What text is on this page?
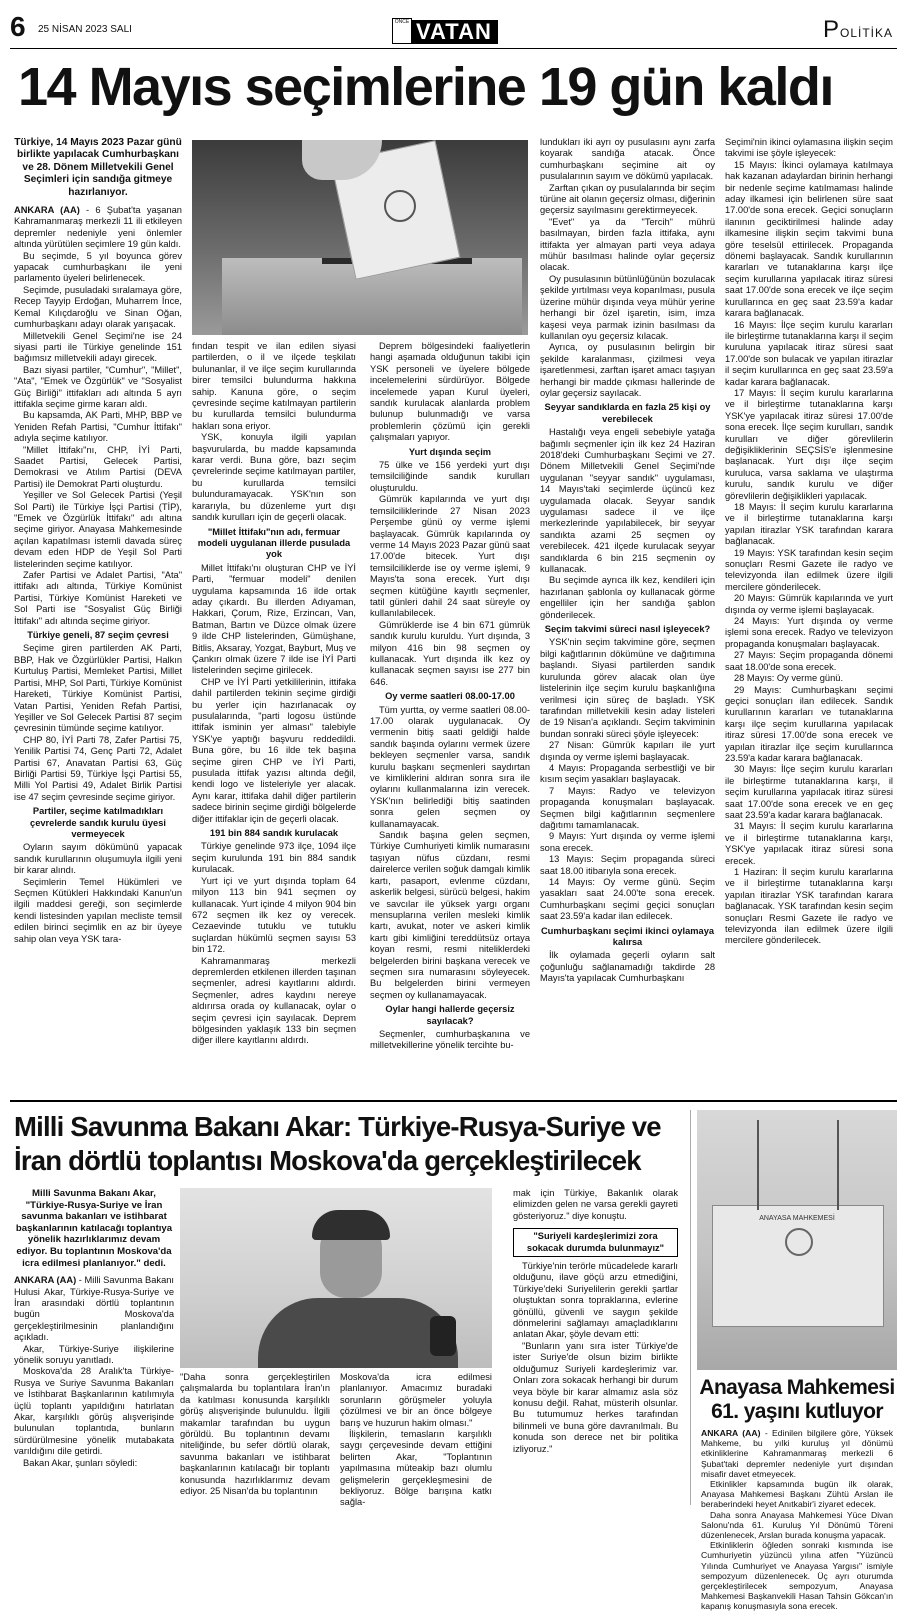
6 25 NİSAN 2023 SALI
ÖNCE VATAN	POLİTİKA
14 Mayıs seçimlerine 19 gün kaldı

Türkiye, 14 Mayıs 2023 Pazar günü birlikte yapılacak Cumhurbaşkanı ve 28. Dönem Milletvekili Genel Seçimleri için sandığa gitmeye hazırlanıyor.

ANKARA (AA) - 6 Şubat'ta yaşanan Kahramanmaraş merkezli 11 ili etkileyen depremler nedeniyle yeni önlemler altında yürütülen seçimlere 19 gün kaldı.

Bu seçimde, 5 yıl boyunca görev yapacak cumhurbaşkanı ile yeni parlamento üyeleri belirlenecek.

Seçimde, pusuladaki sıralamaya göre, Recep Tayyip Erdoğan, Muharrem İnce, Kemal Kılıçdaroğlu ve Sinan Oğan, cumhurbaşkanı adayı olarak yarışacak.

Milletvekili Genel Seçimi'ne ise 24 siyasi parti ile Türkiye genelinde 151 bağımsız milletvekili adayı girecek.

Bazı siyasi partiler, "Cumhur", "Millet", "Ata", "Emek ve Özgürlük" ve "Sosyalist Güç Birliği" ittifakları adı altında 5 ayrı ittifakla seçime girme kararı aldı.

Bu kapsamda, AK Parti, MHP, BBP ve Yeniden Refah Partisi, "Cumhur İttifakı" adıyla seçime katılıyor.

"Millet İttifakı"nı, CHP, İYİ Parti, Saadet Partisi, Gelecek Partisi, Demokrasi ve Atılım Partisi (DEVA Partisi) ile Demokrat Parti oluşturdu.

Yeşiller ve Sol Gelecek Partisi (Yeşil Sol Parti) ile Türkiye İşçi Partisi (TİP), "Emek ve Özgürlük İttifakı" adı altına seçime giriyor. Anayasa Mahkemesinde açılan kapatılması istemli davada süreç devam eden HDP de Yeşil Sol Parti listelerinden seçime katılıyor.

Zafer Partisi ve Adalet Partisi, "Ata" ittifakı adı altında, Türkiye Komünist Partisi, Türkiye Komünist Hareketi ve Sol Parti ise "Sosyalist Güç Birliği İttifakı" adı altında seçime giriyor.

Türkiye geneli, 87 seçim çevresi

Seçime giren partilerden AK Parti, BBP, Hak ve Özgürlükler Partisi, Halkın Kurtuluş Partisi, Memleket Partisi, Millet Partisi, MHP, Sol Parti, Türkiye Komünist Hareketi, Türkiye Komünist Partisi, Vatan Partisi, Yeniden Refah Partisi, Yeşiller ve Sol Gelecek Partisi 87 seçim çevresinin tümünde seçime katılıyor.

CHP 80, İYİ Parti 78, Zafer Partisi 75, Yenilik Partisi 74, Genç Parti 72, Adalet Partisi 67, Anavatan Partisi 63, Güç Birliği Partisi 59, Türkiye İşçi Partisi 55, Milli Yol Partisi 49, Adalet Birlik Partisi ise 47 seçim çevresinde seçime giriyor.

Partiler, seçime katılmadıkları çevrelerde sandık kurulu üyesi vermeyecek

Oyların sayım dökümünü yapacak sandık kurullarının oluşumuyla ilgili yeni bir karar alındı.

Seçimlerin Temel Hükümleri ve Seçmen Kütükleri Hakkındaki Kanun'un ilgili maddesi gereği, son seçimlerde kendi listesinden yapılan mecliste temsil edilen birinci seçimlik en az bir üyeye sahip olan veya YSK tara-

fından tespit ve ilan edilen siyasi partilerden, o il ve ilçede teşkilatı bulunanlar, il ve ilçe seçim kurullarında birer temsilci bulundurma hakkına sahip. Kanuna göre, o seçim çevresinde seçime katılmayan partilerin bu kurullarda temsilci bulundurma hakları sona eriyor.

YSK, konuyla ilgili yapılan başvurularda, bu madde kapsamında karar verdi. Buna göre, bazı seçim çevrelerinde seçime katılmayan partiler, bu kurullarda temsilci bulunduramayacak. YSK'nın son kararıyla, bu düzenleme yurt dışı sandık kurulları için de geçerli olacak.

"Millet İttifakı"nın adı, fermuar modeli uygulanan illerde pusulada yok

Millet İttifakı'nı oluşturan CHP ve İYİ Parti, "fermuar modeli" denilen uygulama kapsamında 16 ilde ortak aday çıkardı. Bu illerden Adıyaman, Hakkari, Çorum, Rize, Erzincan, Van, Batman, Bartın ve Düzce olmak üzere 9 ilde CHP listelerinden, Gümüşhane, Bitlis, Aksaray, Yozgat, Bayburt, Muş ve Çankırı olmak üzere 7 ilde ise İYİ Parti listelerinden seçime girilecek.

CHP ve İYİ Parti yetkililerinin, ittifaka dahil partilerden tekinin seçime girdiği bu yerler için hazırlanacak oy pusulalarında, "parti logosu üstünde ittifak isminin yer alması" talebiyle YSK'ye yaptığı başvuru reddedildi. Buna göre, bu 16 ilde tek başına seçime giren CHP ve İYİ Parti, pusulada ittifak yazısı altında değil, kendi logo ve listeleriyle yer alacak. Aynı karar, ittifaka dahil diğer partilerin sadece birinin seçime girdiği bölgelerde diğer ittifaklar için de geçerli olacak.

191 bin 884 sandık kurulacak

Türkiye genelinde 973 ilçe, 1094 ilçe seçim kurulunda 191 bin 884 sandık kurulacak.

Yurt içi ve yurt dışında toplam 64 milyon 113 bin 941 seçmen oy kullanacak. Yurt içinde 4 milyon 904 bin 672 seçmen ilk kez oy verecek. Cezaevinde tutuklu ve tutuklu suçlardan hükümlü seçmen sayısı 53 bin 172.

Kahramanmaraş merkezli depremlerden etkilenen illerden taşınan seçmenler, adresi kayıtlarını aldırdı. Seçmenler, adres kaydını nereye aldırırsa orada oy kullanacak, oylar o seçim çevresi için sayılacak. Deprem bölgesinden yaklaşık 133 bin seçmen diğer illere kayıtlarını aldırdı.

Deprem bölgesindeki faaliyetlerin hangi aşamada olduğunun takibi için YSK personeli ve üyelere bölgede incelemelerini sürdürüyor. Bölgede incelemede yapan Kurul üyeleri, sandık kurulacak alanlarda problem bulunup bulunmadığı ve varsa problemlerin çözümü için gerekli çalışmaları yapıyor.

Yurt dışında seçim

75 ülke ve 156 yerdeki yurt dışı temsilciliğinde sandık kurulları oluşturuldu.

Gümrük kapılarında ve yurt dışı temsilciliklerinde 27 Nisan 2023 Perşembe günü oy verme işlemi başlayacak. Gümrük kapılarında oy verme 14 Mayıs 2023 Pazar günü saat 17.00'de bitecek. Yurt dışı temsilciliklerde ise oy verme işlemi, 9 Mayıs'ta sona erecek. Yurt dışı seçmen kütüğüne kayıtlı seçmenler, tatil günleri dahil 24 saat süreyle oy kullanılabilecek.

Gümrüklerde ise 4 bin 671 gümrük sandık kurulu kuruldu. Yurt dışında, 3 milyon 416 bin 98 seçmen oy kullanacak. Yurt dışında ilk kez oy kullanacak seçmen sayısı ise 277 bin 646.

Oy verme saatleri 08.00-17.00

Tüm yurtta, oy verme saatleri 08.00-17.00 olarak uygulanacak. Oy vermenin bitiş saati geldiği halde sandık başında oylarını vermek üzere bekleyen seçmenler varsa, sandık kurulu başkanı seçmenleri saydırtan ve kimliklerini aldıran sonra sıra ile oylarını kullanmalarına izin verecek. YSK'nın belirlediği bitiş saatinden sonra gelen seçmen oy kullanamayacak.

Sandık başına gelen seçmen, Türkiye Cumhuriyeti kimlik numarasını taşıyan nüfus cüzdanı, resmi dairelerce verilen soğuk damgalı kimlik kartı, pasaport, evlenme cüzdanı, askerlik belgesi, sürücü belgesi, hakim ve savcılar ile yüksek yargı organı mensuplarına verilen mesleki kimlik kartı, avukat, noter ve askeri kimlik kartı gibi kimliğini tereddütsüz ortaya koyan resmi, resmi niteliklerdeki belgelerden birini başkana verecek ve seçmen sıra numarasını söyleyecek. Bu belgelerden birini vermeyen seçmen oy kullanamayacak.

Oylar hangi hallerde geçersiz sayılacak?

Seçmenler, cumhurbaşkanına ve milletvekillerine yönelik tercihte bu-

lundukları iki ayrı oy pusulasını aynı zarfa koyarak sandığa atacak. Önce cumhurbaşkanı seçimine ait oy pusulalarının sayım ve dökümü yapılacak.

Zarftan çıkan oy pusulalarında bir seçim türüne ait olanın geçersiz olması, diğerinin geçersiz sayılmasını gerektirmeyecek.

"Evet" ya da "Tercih" mührü basılmayan, birden fazla ittifaka, aynı ittifakta yer almayan parti veya adaya mühür basılması halinde oylar geçersiz olacak.

Oy pusulasının bütünlüğünün bozulacak şekilde yırtılması veya koparılması, pusula üzerine mühür dışında veya mühür yerine herhangi bir özel işaretin, isim, imza kaşesi veya parmak izinin basılması da kullanılan oyu geçersiz kılacak.

Ayrıca, oy pusulasının belirgin bir şekilde karalanması, çizilmesi veya işaretlenmesi, zarftan işaret amacı taşıyan herhangi bir madde çıkması hallerinde de oylar geçersiz sayılacak.

Seyyar sandıklarda en fazla 25 kişi oy verebilecek

Hastalığı veya engeli sebebiyle yatağa bağımlı seçmenler için ilk kez 24 Haziran 2018'deki Cumhurbaşkanı Seçimi ve 27. Dönem Milletvekili Genel Seçimi'nde uygulanan "seyyar sandık" uygulaması, 14 Mayıs'taki seçimlerde üçüncü kez uygulamada olacak. Seyyar sandık uygulaması sadece il ve ilçe merkezlerinde yapılabilecek, bir seyyar sandıkta azami 25 seçmen oy verebilecek. 421 ilçede kurulacak seyyar sandıklarda 6 bin 215 seçmenin oy kullanacak.

Bu seçimde ayrıca ilk kez, kendileri için hazırlanan şablonla oy kullanacak görme engelliler için her sandığa şablon gönderilecek.

Seçim takvimi süreci nasıl işleyecek?

YSK'nin seçim takvimine göre, seçmen bilgi kağıtlarının dökümüne ve dağıtımına başlandı. Siyasi partilerden sandık kurulunda görev alacak olan üye listelerinin ilçe seçim kurulu başkanlığına verilmesi için süreç de başladı. YSK tarafından milletvekili kesin aday listeleri de 19 Nisan'a açıklandı. Seçim takviminin bundan sonraki süreci şöyle işleyecek:

27 Nisan: Gümrük kapıları ile yurt dışında oy verme işlemi başlayacak.

4 Mayıs: Propaganda serbestliği ve bir kısım seçim yasakları başlayacak.

7 Mayıs: Radyo ve televizyon propaganda konuşmaları başlayacak. Seçmen bilgi kağıtlarının seçmenlere dağıtımı tamamlanacak.

9 Mayıs: Yurt dışında oy verme işlemi sona erecek.

13 Mayıs: Seçim propaganda süreci saat 18.00 itibarıyla sona erecek.

14 Mayıs: Oy verme günü. Seçim yasakları saat 24.00'te sona erecek. Cumhurbaşkanı seçimi geçici sonuçları saat 23.59'a kadar ilan edilecek.

Cumhurbaşkanı seçimi ikinci oylamaya kalırsa

İlk oylamada geçerli oyların salt çoğunluğu sağlanamadığı takdirde 28 Mayıs'ta yapılacak Cumhurbaşkanı

Seçimi'nin ikinci oylamasına ilişkin seçim takvimi ise şöyle işleyecek:

15 Mayıs: İkinci oylamaya katılmaya hak kazanan adaylardan birinin herhangi bir nedenle seçime katılmaması halinde aday ilkamesi için belirlenen süre saat 17.00'de sona erecek. Geçici sonuçların ilanının geciktirilmesi halinde aday ilkamesine ilişkin seçim takvimi buna göre teselsül ettirilecek. Propaganda dönemi başlayacak. Sandık kurullarının kararları ve tutanaklarına karşı ilçe seçim kurullarına yapılacak itiraz süresi saat 17.00'de sona erecek ve ilçe seçim kurullarınca en geç saat 23.59'a kadar karara bağlanacak.

16 Mayıs: İlçe seçim kurulu kararları ile birleştirme tutanaklarına karşı il seçim kuruluna yapılacak itiraz süresi saat 17.00'de son bulacak ve yapılan itirazlar il seçim kurullarınca en geç saat 23.59'a kadar karara bağlanacak.

17 Mayıs: İl seçim kurulu kararlarına ve il birleştirme tutanaklarına karşı YSK'ye yapılacak itiraz süresi 17.00'de sona erecek. İlçe seçim kurulları, sandık kurulları ve diğer görevlilerin değişikliklerinin SEÇSİS'e işlenmesine başlanacak. Yurt dışı ilçe seçim kuruluca, varsa saklama ve ulaştırma kurulu, sandık kurulu ve diğer görevlilerin değişiklikleri yapılacak.

18 Mayıs: İl seçim kurulu kararlarına ve il birleştirme tutanaklarına karşı yapılan itirazlar YSK tarafından karara bağlanacak.

19 Mayıs: YSK tarafından kesin seçim sonuçları Resmi Gazete ile radyo ve televizyonda ilan edilmek üzere ilgili mercilere gönderilecek.

20 Mayıs: Gümrük kapılarında ve yurt dışında oy verme işlemi başlayacak.

24 Mayıs: Yurt dışında oy verme işlemi sona erecek. Radyo ve televizyon propaganda konuşmaları başlayacak.

27 Mayıs: Seçim propaganda dönemi saat 18.00'de sona erecek.

28 Mayıs: Oy verme günü.

29 Mayıs: Cumhurbaşkanı seçimi geçici sonuçları ilan edilecek. Sandık kurullarının kararları ve tutanaklarına karşı ilçe seçim kurullarına yapılacak itiraz süresi 17.00'de sona erecek ve yapılan itirazlar ilçe seçim kurullarınca 23.59'a kadar karara bağlanacak.

30 Mayıs: İlçe seçim kurulu kararları ile birleştirme tutanaklarına karşı, il seçim kurullarına yapılacak itiraz süresi saat 17.00'de sona erecek ve en geç saat 23.59'a kadar karara bağlanacak.

31 Mayıs: İl seçim kurulu kararlarına ve il birleştirme tutanaklarına karşı, YSK'ye yapılacak itiraz süresi sona erecek.

1 Haziran: İl seçim kurulu kararlarına ve il birleştirme tutanaklarına karşı yapılan itirazlar YSK tarafından karara bağlanacak. YSK tarafından kesin seçim sonuçları Resmi Gazete ile radyo ve televizyonda ilan edilmek üzere ilgili mercilere gönderilecek.

Milli Savunma Bakanı Akar: Türkiye-Rusya-Suriye ve
İran dörtlü toplantısı Moskova'da gerçekleştirilecek

Milli Savunma Bakanı Akar, "Türkiye-Rusya-Suriye ve İran savunma bakanları ve istihbarat başkanlarının katılacağı toplantıya yönelik hazırlıklarımız devam ediyor. Bu toplantının Moskova'da icra edilmesi planlanıyor." dedi.

ANKARA (AA) - Milli Savunma Bakanı Hulusi Akar, Türkiye-Rusya-Suriye ve İran arasındaki dörtlü toplantının bugün Moskova'da gerçekleştirilmesinin planlandığını açıkladı.

Akar, Türkiye-Suriye ilişkilerine yönelik soruyu yanıtladı.

Moskova'da 28 Aralık'ta Türkiye-Rusya ve Suriye Savunma Bakanları ve İstihbarat Başkanlarının katılımıyla üçlü toplantı yapıldığını hatırlatan Akar, karşılıklı görüş alışverişinde bulunulan toplantıda, bunların sürdürülmesine yönelik mutabakata varıldığını dile getirdi.

Bakan Akar, şunları söyledi:

"Daha sonra gerçekleştirilen çalışmalarda bu toplantılara İran'ın da katılması konusunda karşılıklı görüş alışverişinde bulunuldu. İlgili makamlar tarafından bu uygun görüldü. Bu toplantının devamı niteliğinde, bu sefer dörtlü olarak, savunma bakanları ve istihbarat başkanlarının katılacağı bir toplantı konusunda hazırlıklarımız devam ediyor. 25 Nisan'da bu toplantının

Moskova'da icra edilmesi planlanıyor. Amacımız buradaki sorunların görüşmeler yoluyla çözülmesi ve bir an önce bölgeye barış ve huzurun hakim olması."

İlişkilerin, temasların karşılıklı saygı çerçevesinde devam ettiğini belirten Akar, "Toplantının yapılmasına müteakip bazı olumlu gelişmelerin gerçekleşmesini de bekliyoruz. Bölge barışına katkı sağla-

mak için Türkiye, Bakanlık olarak elimizden gelen ne varsa gerekli gayreti gösteriyoruz." diye konuştu.

"Suriyeli kardeşlerimizi zora sokacak durumda bulunmayız"

Türkiye'nin terörle mücadelede kararlı olduğunu, ilave göçü arzu etmediğini, Türkiye'deki Suriyelilerin gerekli şartlar oluştuktan sonra topraklarına, evlerine gönüllü, güvenli ve saygın şekilde dönmelerini sağlamayı amaçladıklarını anlatan Akar, şöyle devam etti:

"Bunların yanı sıra ister Türkiye'de ister Suriye'de olsun bizim birlikte olduğumuz Suriyeli kardeşlerimiz var. Onları zora sokacak herhangi bir durum veya böyle bir karar almamız asla söz konusu değil. Rahat, müsterih olsunlar. Bu tutumumuz herkes tarafından bilinmeli ve buna göre davranılmalı. Bu konuda son derece net bir politika izliyoruz."

ANAYASA MAHKEMESİ
Anayasa Mahkemesi
61. yaşını kutluyor

ANKARA (AA) - Edinilen bilgilere göre, Yüksek Mahkeme, bu yılki kuruluş yıl dönümü etkinliklerine Kahramanmaraş merkezli 6 Şubat'taki depremler nedeniyle yurt dışından misafir davet etmeyecek.

Etkinlikler kapsamında bugün ilk olarak, Anayasa Mahkemesi Başkanı Zühtü Arslan ile beraberindeki heyet Anıtkabir'i ziyaret edecek.

Daha sonra Anayasa Mahkemesi Yüce Divan Salonu'nda 61. Kuruluş Yıl Dönümü Töreni düzenlenecek, Arslan burada konuşma yapacak.

Etkinliklerin öğleden sonraki kısmında ise Cumhuriyetin yüzüncü yılına atfen "Yüzüncü Yılında Cumhuriyet ve Anayasa Yargısı" ismiyle sempozyum düzenlenecek. Üç ayrı oturumda gerçekleştirilecek sempozyum, Anayasa Mahkemesi Başkanvekili Hasan Tahsin Gökcan'ın kapanış konuşmasıyla sona erecek.
